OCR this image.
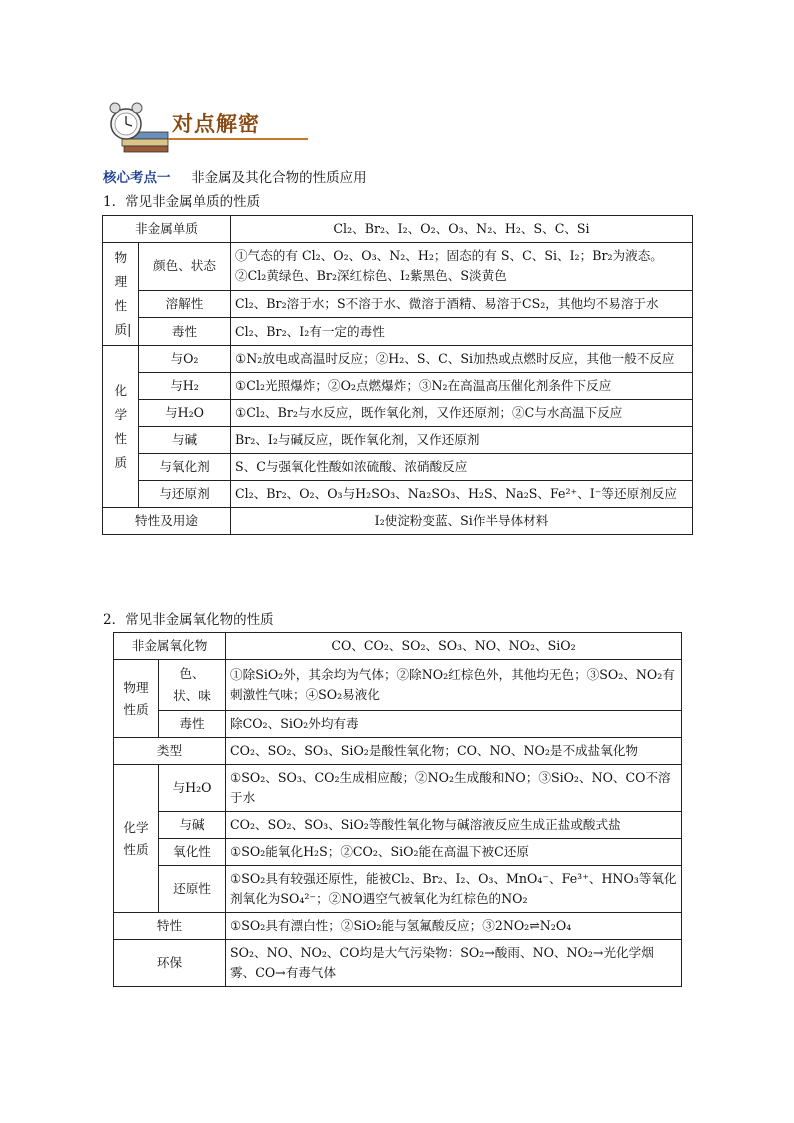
对点解密
核心考点一 非金属及其化合物的性质应用
1．常见非金属单质的性质
非金属单质		Cl₂、Br₂、I₂、O₂、O₃、N₂、H₂、S、C、Si

物理性质|	颜色、状态	①气态的有 Cl₂、O₂、O₃、N₂、H₂；固态的有 S、C、Si、I₂；Br₂为液态。②Cl₂黄绿色、Br₂深红棕色、I₂紫黑色、S淡黄色
	溶解性	Cl₂、Br₂溶于水；S不溶于水、微溶于酒精、易溶于CS₂，其他均不易溶于水
	毒性	Cl₂、Br₂、I₂有一定的毒性

化学性质	与O₂	①N₂放电或高温时反应；②H₂、S、C、Si加热或点燃时反应，其他一般不反应
	与H₂	①Cl₂光照爆炸；②O₂点燃爆炸；③N₂在高温高压催化剂条件下反应
	与H₂O	①Cl₂、Br₂与水反应，既作氧化剂，又作还原剂；②C与水高温下反应
	与碱	Br₂、I₂与碱反应，既作氧化剂，又作还原剂
	与氧化剂	S、C与强氧化性酸如浓硫酸、浓硝酸反应
	与还原剂	Cl₂、Br₂、O₂、O₃与H₂SO₃、Na₂SO₃、H₂S、Na₂S、Fe²⁺、I⁻等还原剂反应
特性及用途		I₂使淀粉变蓝、Si作半导体材料
2．常见非金属氧化物的性质
非金属氧化物		CO、CO₂、SO₂、SO₃、NO、NO₂、SiO₂

物理性质	色、状、味	①除SiO₂外，其余均为气体；②除NO₂红棕色外，其他均无色；③SO₂、NO₂有刺激性气味；④SO₂易液化
	毒性	除CO₂、SiO₂外均有毒
类型		CO₂、SO₂、SO₃、SiO₂是酸性氧化物；CO、NO、NO₂是不成盐氧化物

化学性质	与H₂O	①SO₂、SO₃、CO₂生成相应酸；②NO₂生成酸和NO；③SiO₂、NO、CO不溶于水
	与碱	CO₂、SO₂、SO₃、SiO₂等酸性氧化物与碱溶液反应生成正盐或酸式盐
	氧化性	①SO₂能氧化H₂S；②CO₂、SiO₂能在高温下被C还原
	还原性	①SO₂具有较强还原性，能被Cl₂、Br₂、I₂、O₃、MnO₄⁻、Fe³⁺、HNO₃等氧化剂氧化为SO₄²⁻；②NO遇空气被氧化为红棕色的NO₂
特性		①SO₂具有漂白性；②SiO₂能与氢氟酸反应；③2NO₂⇌N₂O₄
环保		SO₂、NO、NO₂、CO均是大气污染物：SO₂→酸雨、NO、NO₂→光化学烟雾、CO→有毒气体
